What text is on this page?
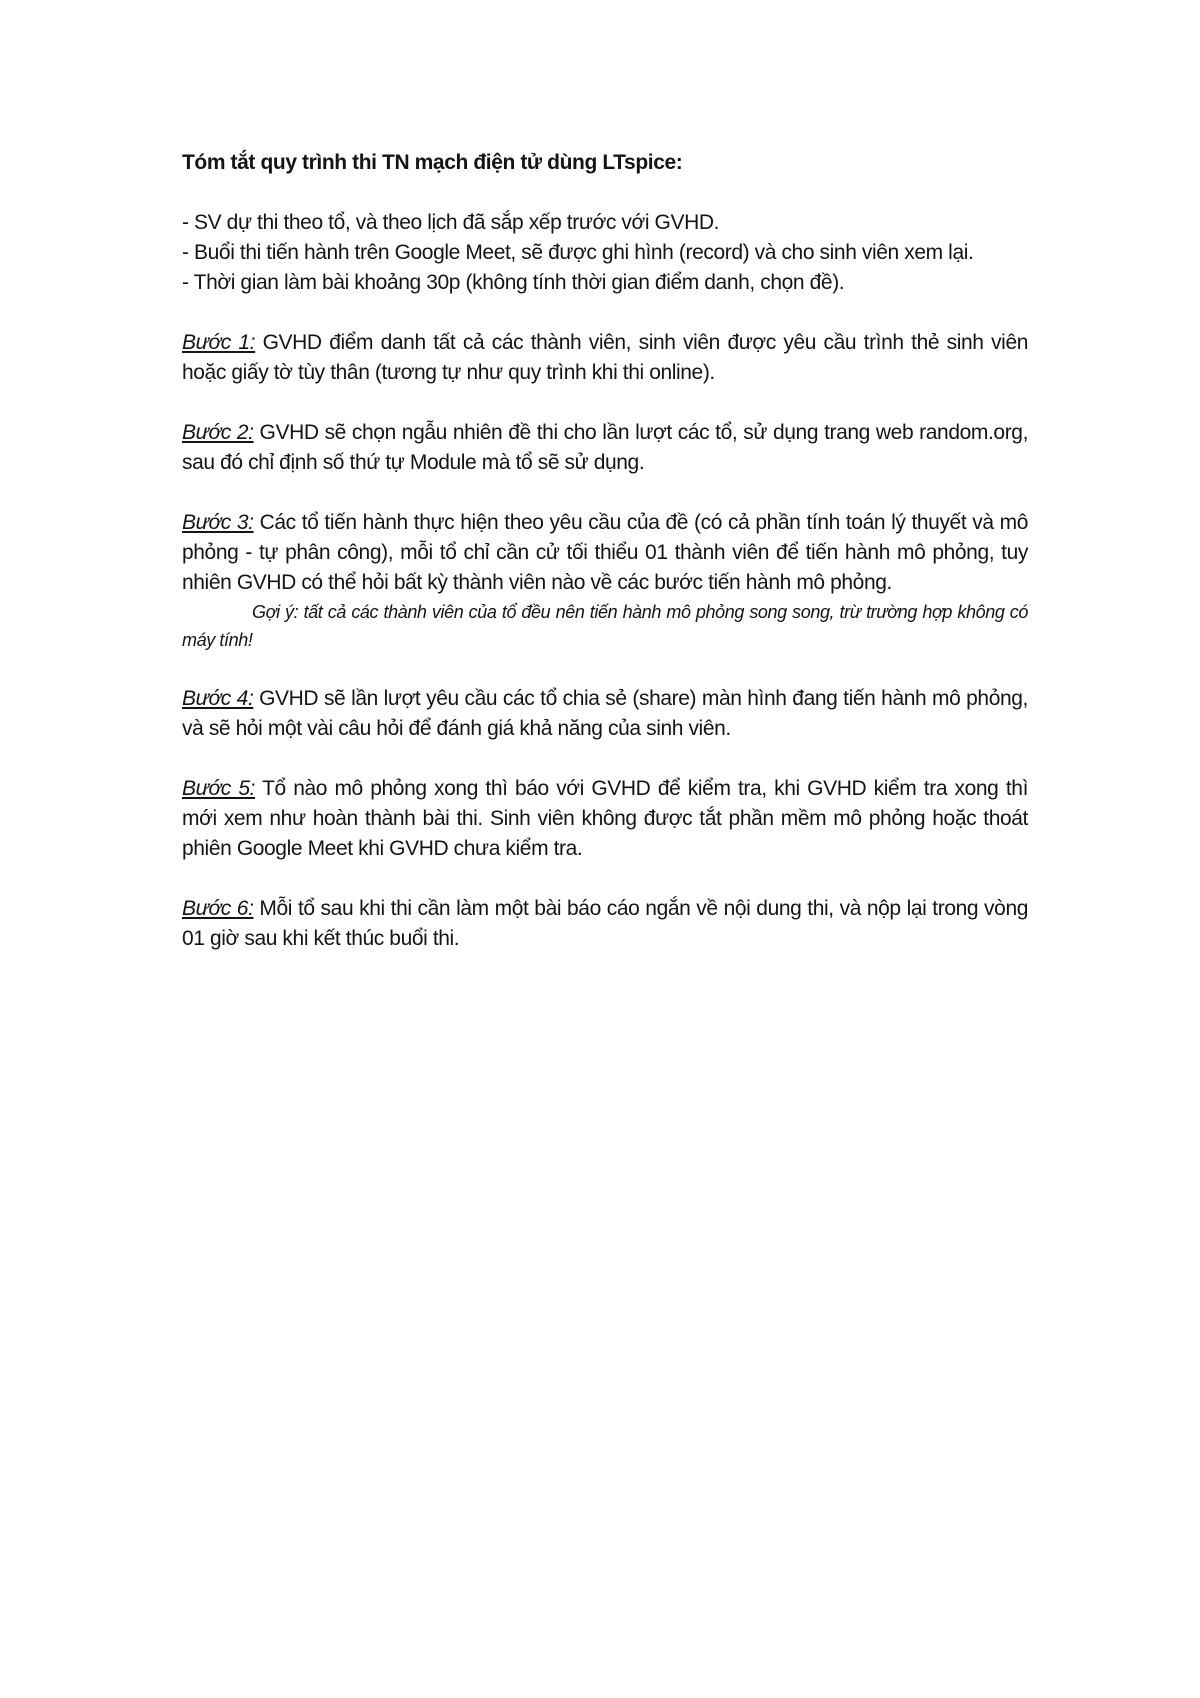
Tóm tắt quy trình thi TN mạch điện tử dùng LTspice:

- SV dự thi theo tổ, và theo lịch đã sắp xếp trước với GVHD.

- Buổi thi tiến hành trên Google Meet, sẽ được ghi hình (record) và cho sinh viên xem lại.

- Thời gian làm bài khoảng 30p (không tính thời gian điểm danh, chọn đề).

Bước 1: GVHD điểm danh tất cả các thành viên, sinh viên được yêu cầu trình thẻ sinh viên hoặc giấy tờ tùy thân (tương tự như quy trình khi thi online).

Bước 2: GVHD sẽ chọn ngẫu nhiên đề thi cho lần lượt các tổ, sử dụng trang web random.org, sau đó chỉ định số thứ tự Module mà tổ sẽ sử dụng.

Bước 3: Các tổ tiến hành thực hiện theo yêu cầu của đề (có cả phần tính toán lý thuyết và mô phỏng - tự phân công), mỗi tổ chỉ cần cử tối thiểu 01 thành viên để tiến hành mô phỏng, tuy nhiên GVHD có thể hỏi bất kỳ thành viên nào về các bước tiến hành mô phỏng.

Gợi ý: tất cả các thành viên của tổ đều nên tiến hành mô phỏng song song, trừ trường hợp không có máy tính!

Bước 4: GVHD sẽ lần lượt yêu cầu các tổ chia sẻ (share) màn hình đang tiến hành mô phỏng, và sẽ hỏi một vài câu hỏi để đánh giá khả năng của sinh viên.

Bước 5: Tổ nào mô phỏng xong thì báo với GVHD để kiểm tra, khi GVHD kiểm tra xong thì mới xem như hoàn thành bài thi. Sinh viên không được tắt phần mềm mô phỏng hoặc thoát phiên Google Meet khi GVHD chưa kiểm tra.

Bước 6: Mỗi tổ sau khi thi cần làm một bài báo cáo ngắn về nội dung thi, và nộp lại trong vòng 01 giờ sau khi kết thúc buổi thi.
